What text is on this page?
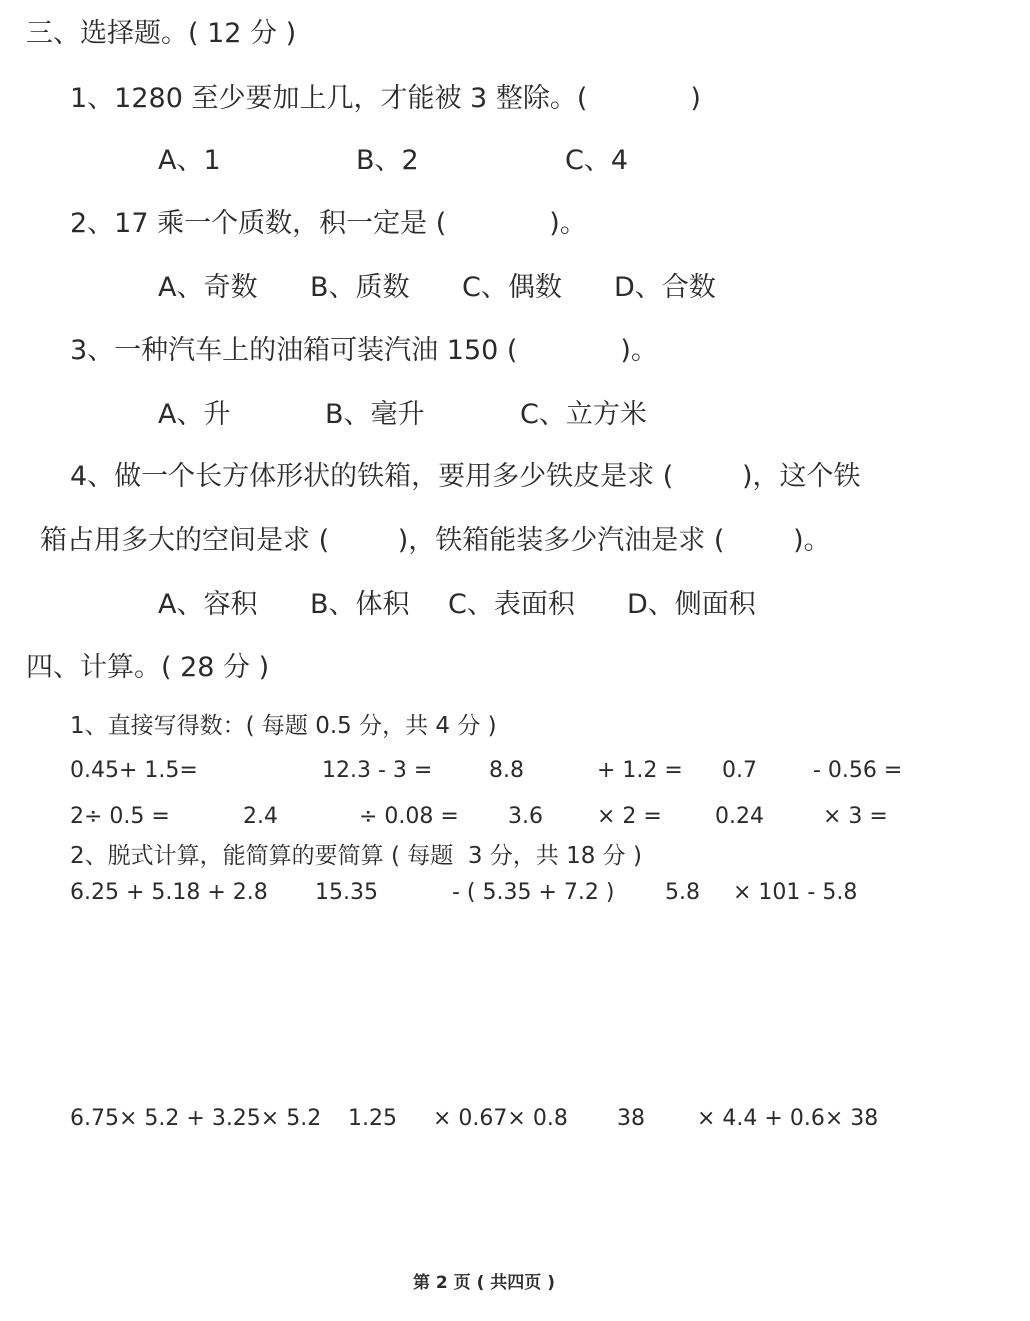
三、选择题。( 12 分 )
1、1280 至少要加上几，才能被 3 整除。(            )
A、1	B、2	C、4
2、17 乘一个质数，积一定是 (            )。
A、奇数 B、质数 C、偶数 D、合数
3、一种汽车上的油箱可装汽油 150 (            )。
A、升	B、毫升	C、立方米
4、做一个长方体形状的铁箱，要用多少铁皮是求 (        )，这个铁
箱占用多大的空间是求 (        )，铁箱能装多少汽油是求 (        )。
A、容积 B、体积 C、表面积 D、侧面积
四、计算。( 28 分 )
1、直接写得数：( 每题 0.5 分，共 4 分 )
0.45+ 1.5=	12.3 - 3 =	8.8	+ 1.2 = 0.7	- 0.56 =
2÷ 0.5 =	2.4	÷ 0.08 = 3.6 × 2 = 0.24	× 3 =
2、脱式计算，能简算的要简算 ( 每题  3 分，共 18 分 )
6.25 + 5.18 + 2.8 15.35	- ( 5.35 + 7.2 ) 5.8 × 101 - 5.8
6.75× 5.2 + 3.25× 5.2 1.25 × 0.67× 0.8 38 × 4.4 + 0.6× 38
第 2 页 ( 共四页 )
